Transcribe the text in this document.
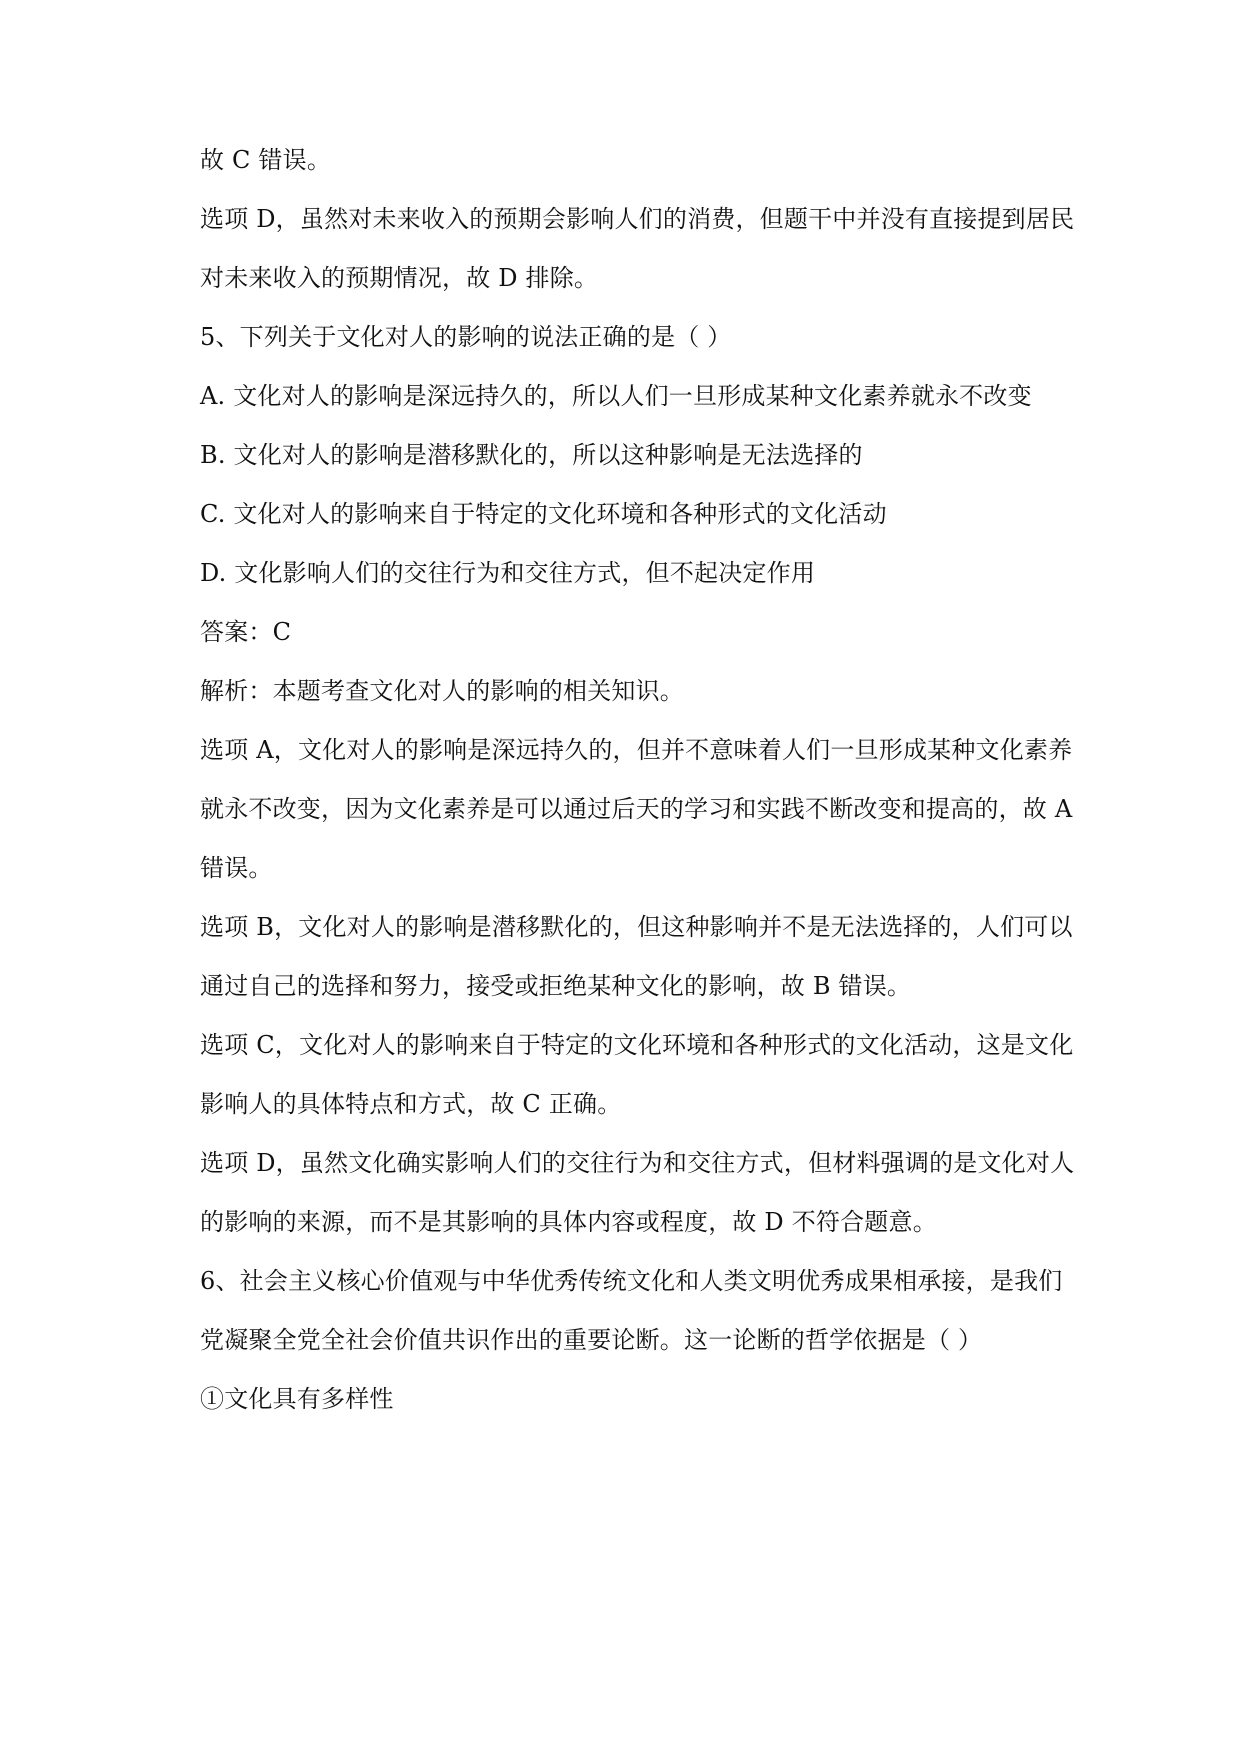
故 C 错误。
选项 D，虽然对未来收入的预期会影响人们的消费，但题干中并没有直接提到居民
对未来收入的预期情况，故 D 排除。
5、下列关于文化对人的影响的说法正确的是（ ）
A. 文化对人的影响是深远持久的，所以人们一旦形成某种文化素养就永不改变
B. 文化对人的影响是潜移默化的，所以这种影响是无法选择的
C. 文化对人的影响来自于特定的文化环境和各种形式的文化活动
D. 文化影响人们的交往行为和交往方式，但不起决定作用
答案：C
解析：本题考查文化对人的影响的相关知识。
选项 A，文化对人的影响是深远持久的，但并不意味着人们一旦形成某种文化素养
就永不改变，因为文化素养是可以通过后天的学习和实践不断改变和提高的，故 A
错误。
选项 B，文化对人的影响是潜移默化的，但这种影响并不是无法选择的，人们可以
通过自己的选择和努力，接受或拒绝某种文化的影响，故 B 错误。
选项 C，文化对人的影响来自于特定的文化环境和各种形式的文化活动，这是文化
影响人的具体特点和方式，故 C 正确。
选项 D，虽然文化确实影响人们的交往行为和交往方式，但材料强调的是文化对人
的影响的来源，而不是其影响的具体内容或程度，故 D 不符合题意。
6、社会主义核心价值观与中华优秀传统文化和人类文明优秀成果相承接，是我们
党凝聚全党全社会价值共识作出的重要论断。这一论断的哲学依据是（ ）
①文化具有多样性
